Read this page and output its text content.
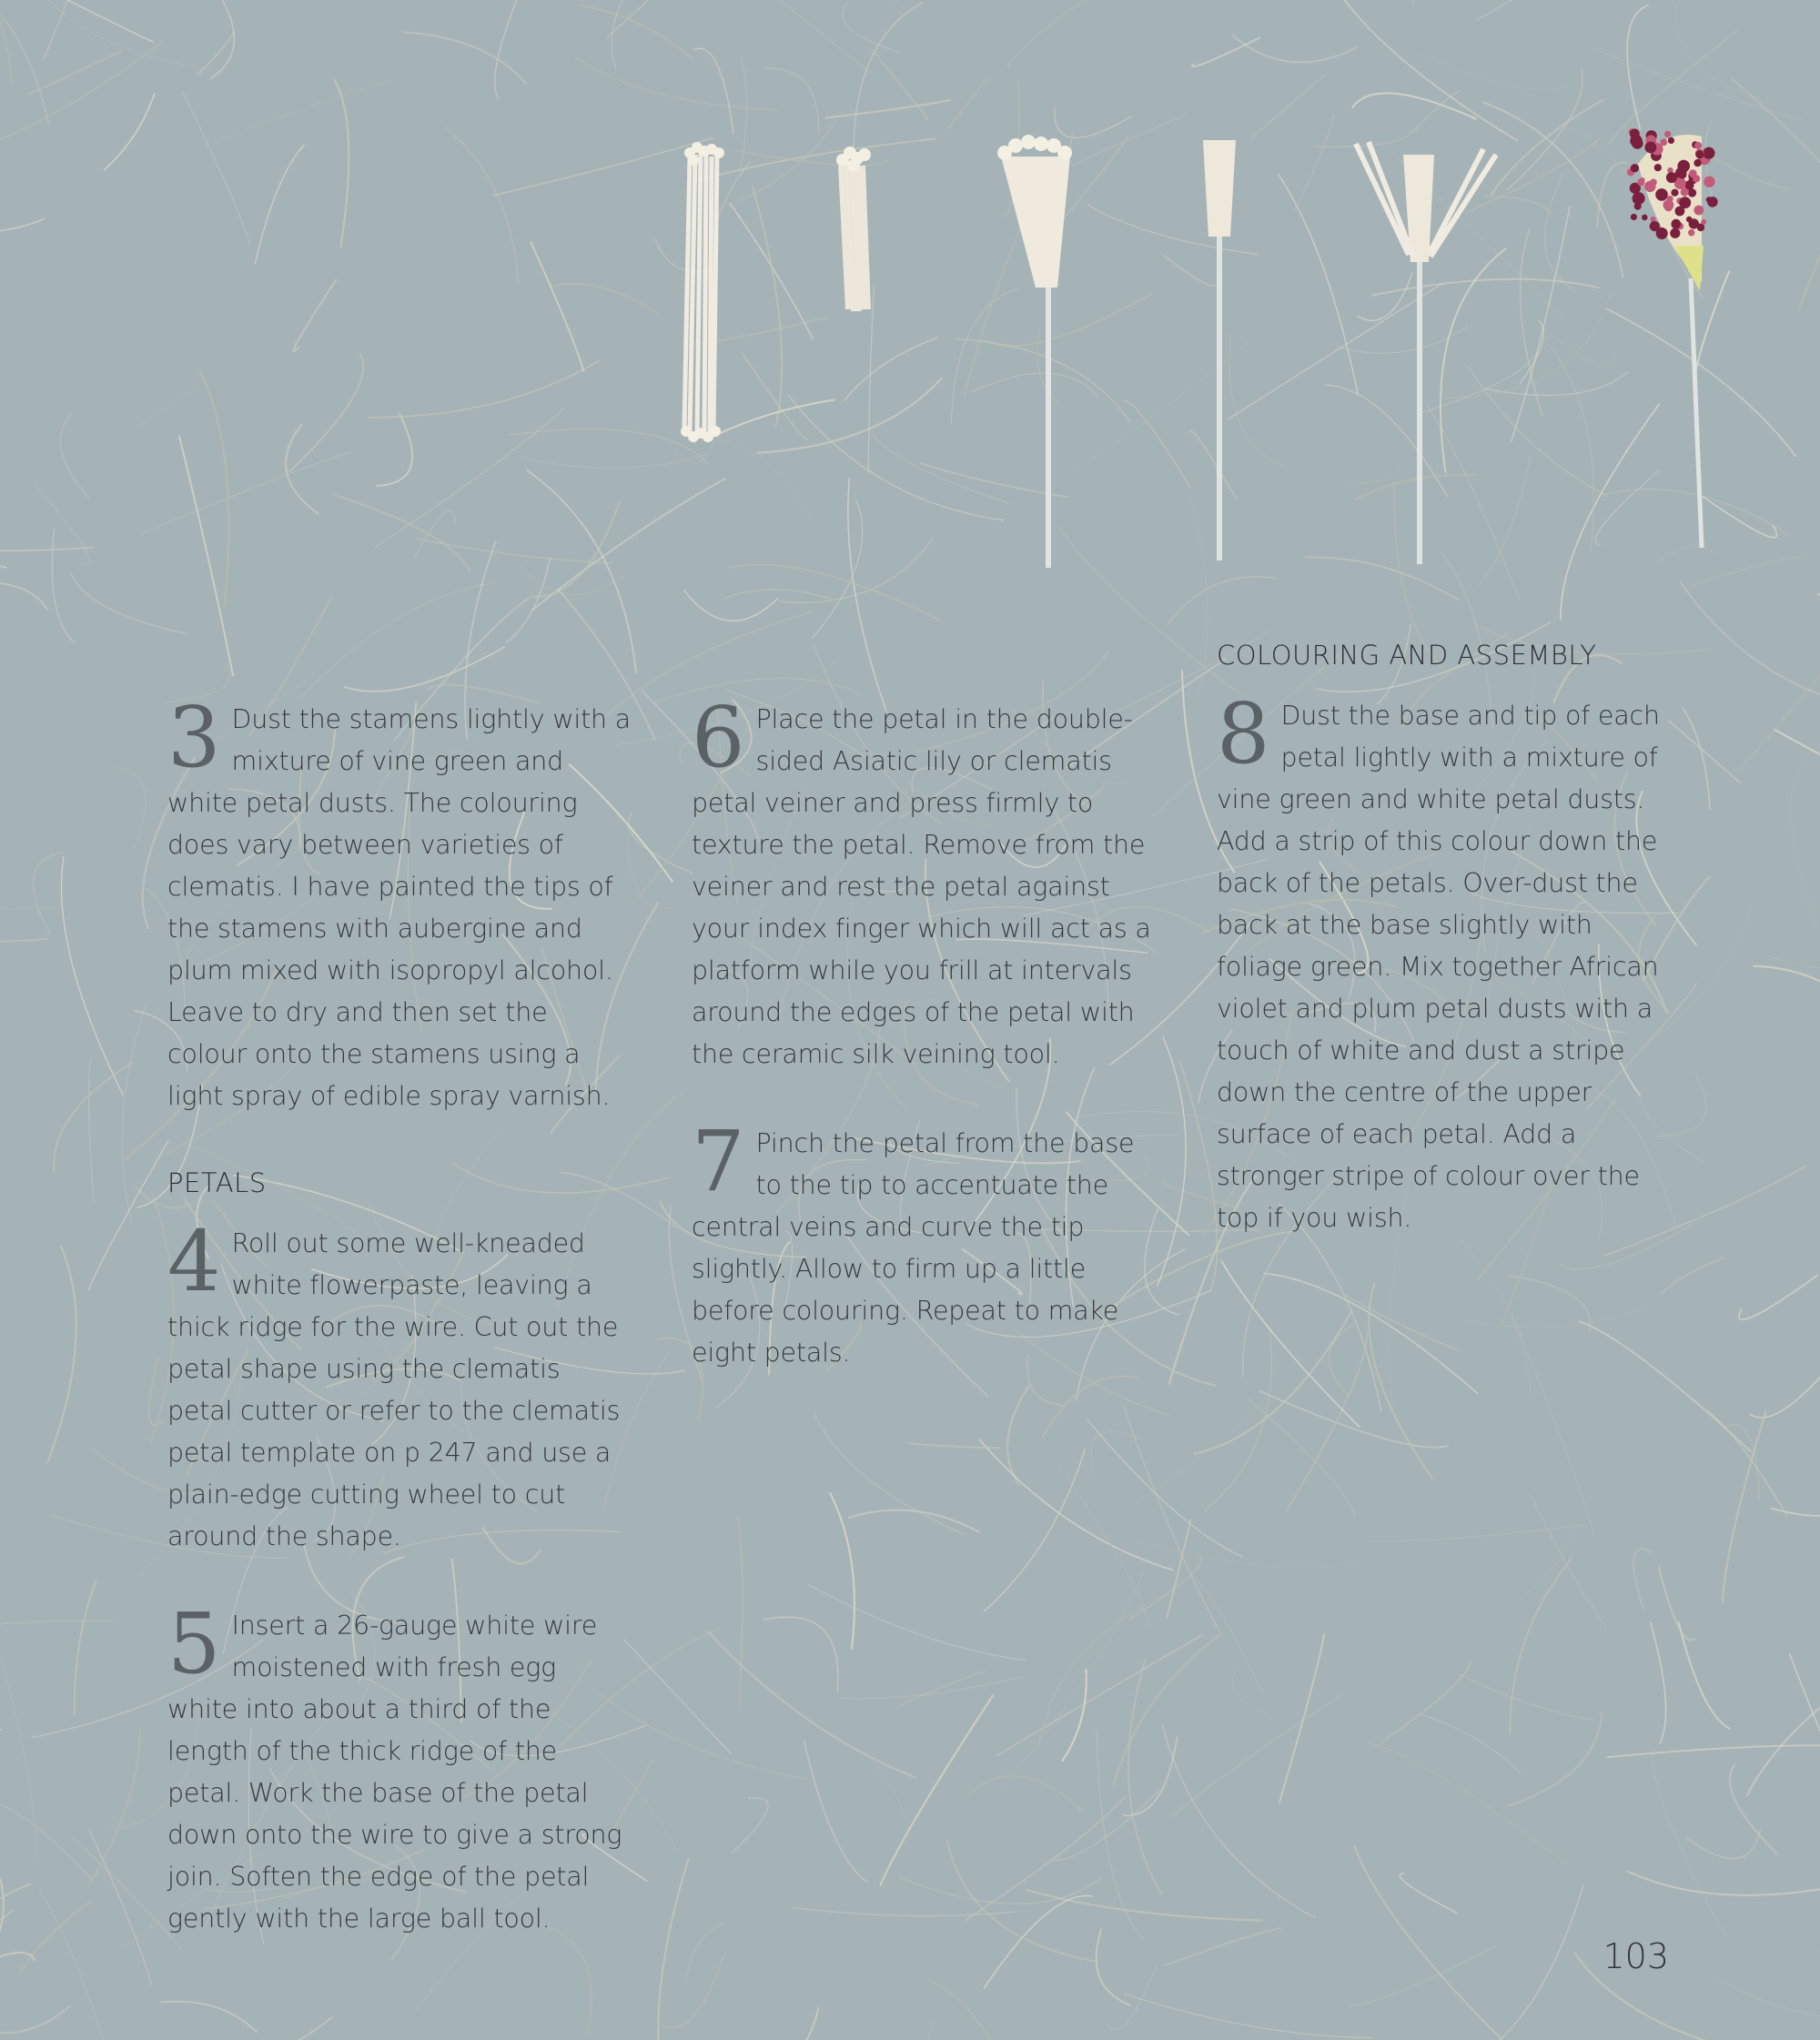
3 Dust the stamens lightly with a mixture of vine green and white petal dusts. The colouring does vary between varieties of clematis. I have painted the tips of the stamens with aubergine and plum mixed with isopropyl alcohol. Leave to dry and then set the colour onto the stamens using a light spray of edible spray varnish.

PETALS
4 Roll out some well-kneaded white flowerpaste, leaving a thick ridge for the wire. Cut out the petal shape using the clematis petal cutter or refer to the clematis petal template on p 247 and use a plain-edge cutting wheel to cut around the shape.

5 Insert a 26-gauge white wire moistened with fresh egg white into about a third of the length of the thick ridge of the petal. Work the base of the petal down onto the wire to give a strong join. Soften the edge of the petal gently with the large ball tool.

6 Place the petal in the double-sided Asiatic lily or clematis petal veiner and press firmly to texture the petal. Remove from the veiner and rest the petal against your index finger which will act as a platform while you frill at intervals around the edges of the petal with the ceramic silk veining tool.

7 Pinch the petal from the base to the tip to accentuate the central veins and curve the tip slightly. Allow to firm up a little before colouring. Repeat to make eight petals.

COLOURING AND ASSEMBLY
8 Dust the base and tip of each petal lightly with a mixture of vine green and white petal dusts. Add a strip of this colour down the back of the petals. Over-dust the back at the base slightly with foliage green. Mix together African violet and plum petal dusts with a touch of white and dust a stripe down the centre of the upper surface of each petal. Add a stronger stripe of colour over the top if you wish.

103
